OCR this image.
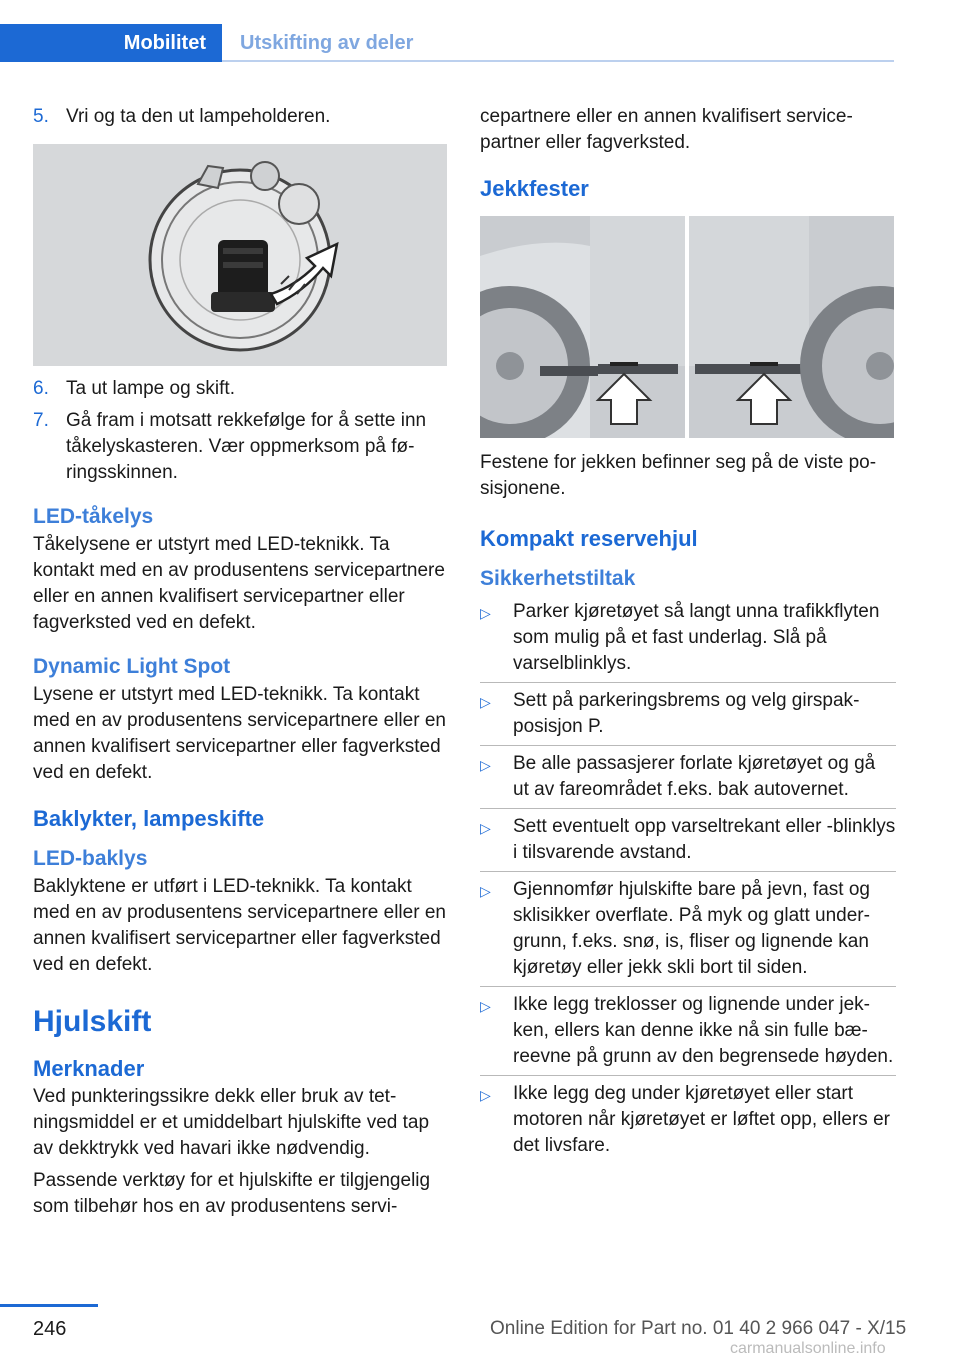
Mobilitet	Utskifting av deler
5. Vri og ta den ut lampeholderen.
6. Ta ut lampe og skift.
7. Gå fram i motsatt rekkefølge for å sette inn tåkelyskasteren. Vær oppmerksom på føringsskinnen.
LED-tåkelys

Tåkelysene er utstyrt med LED-teknikk. Ta kontakt med en av produsentens servicepartnere eller en annen kvalifisert servicepartner eller fagverksted ved en defekt.

Dynamic Light Spot

Lysene er utstyrt med LED-teknikk. Ta kontakt med en av produsentens servicepartnere eller en annen kvalifisert servicepartner eller fagverksted ved en defekt.

Baklykter, lampeskifte
LED-baklys

Baklyktene er utført i LED-teknikk. Ta kontakt med en av produsentens servicepartnere eller en annen kvalifisert servicepartner eller fagverksted ved en defekt.

Hjulskift
Merknader

Ved punkteringssikre dekk eller bruk av tetningsmiddel er et umiddelbart hjulskifte ved tap av dekktrykk ved havari ikke nødvendig.

Passende verktøy for et hjulskifte er tilgjengelig som tilbehør hos en av produsentens servi-

cepartnere eller en annen kvalifisert servicepartner eller fagverksted.

Jekkfester

Festene for jekken befinner seg på de viste posisjonene.

Kompakt reservehjul
Sikkerhetstiltak
▷	Parker kjøretøyet så langt unna trafikkflyten som mulig på et fast underlag. Slå på varselblinklys.
▷	Sett på parkeringsbrems og velg girspakposisjon P.
▷	Be alle passasjerer forlate kjøretøyet og gå ut av fareområdet f.eks. bak autovernet.
▷	Sett eventuelt opp varseltrekant eller -blinklys i tilsvarende avstand.
▷	Gjennomfør hjulskifte bare på jevn, fast og sklisikker overflate. På myk og glatt undergrunn, f.eks. snø, is, fliser og lignende kan kjøretøy eller jekk skli bort til siden.
▷	Ikke legg treklosser og lignende under jekken, ellers kan denne ikke nå sin fulle bæreevne på grunn av den begrensede høyden.
▷	Ikke legg deg under kjøretøyet eller start motoren når kjøretøyet er løftet opp, ellers er det livsfare.
246	Online Edition for Part no. 01 40 2 966 047 - X/15
carmanualsonline.info
